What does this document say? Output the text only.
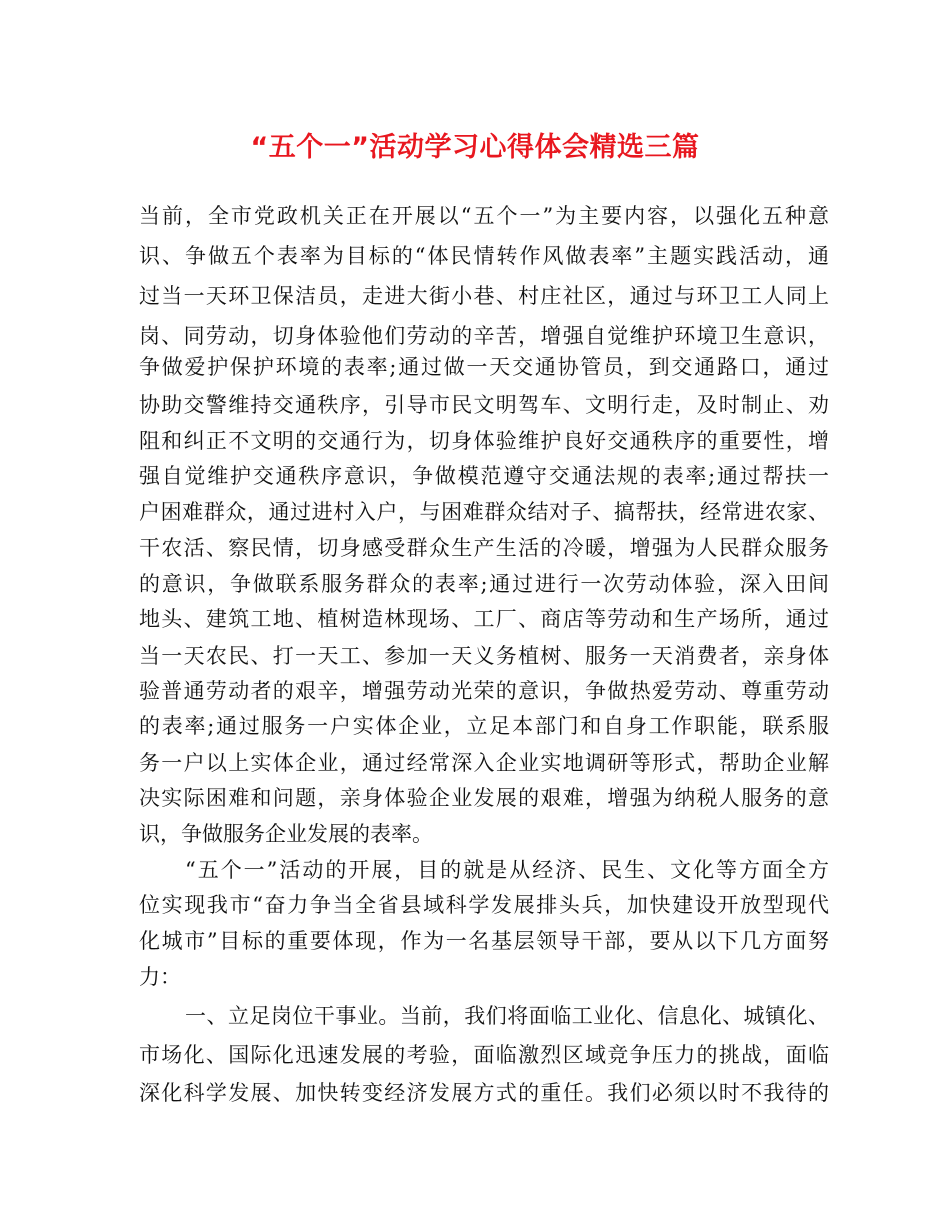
“五个一”活动学习心得体会精选三篇
当前，全市党政机关正在开展以“五个一”为主要内容，以强化五种意
识、争做五个表率为目标的“体民情转作风做表率”主题实践活动，通
过当一天环卫保洁员，走进大街小巷、村庄社区，通过与环卫工人同上
岗、同劳动，切身体验他们劳动的辛苦，增强自觉维护环境卫生意识，
争做爱护保护环境的表率;通过做一天交通协管员，到交通路口，通过
协助交警维持交通秩序，引导市民文明驾车、文明行走，及时制止、劝
阻和纠正不文明的交通行为，切身体验维护良好交通秩序的重要性，增
强自觉维护交通秩序意识，争做模范遵守交通法规的表率;通过帮扶一
户困难群众，通过进村入户，与困难群众结对子、搞帮扶，经常进农家、
干农活、察民情，切身感受群众生产生活的冷暖，增强为人民群众服务
的意识，争做联系服务群众的表率;通过进行一次劳动体验，深入田间
地头、建筑工地、植树造林现场、工厂、商店等劳动和生产场所，通过
当一天农民、打一天工、参加一天义务植树、服务一天消费者，亲身体
验普通劳动者的艰辛，增强劳动光荣的意识，争做热爱劳动、尊重劳动
的表率;通过服务一户实体企业，立足本部门和自身工作职能，联系服
务一户以上实体企业，通过经常深入企业实地调研等形式，帮助企业解
决实际困难和问题，亲身体验企业发展的艰难，增强为纳税人服务的意
识，争做服务企业发展的表率。
“五个一”活动的开展，目的就是从经济、民生、文化等方面全方
位实现我市“奋力争当全省县域科学发展排头兵，加快建设开放型现代
化城市”目标的重要体现，作为一名基层领导干部，要从以下几方面努
力：
一、立足岗位干事业。当前，我们将面临工业化、信息化、城镇化、
市场化、国际化迅速发展的考验，面临激烈区域竞争压力的挑战，面临
深化科学发展、加快转变经济发展方式的重任。我们必须以时不我待的
